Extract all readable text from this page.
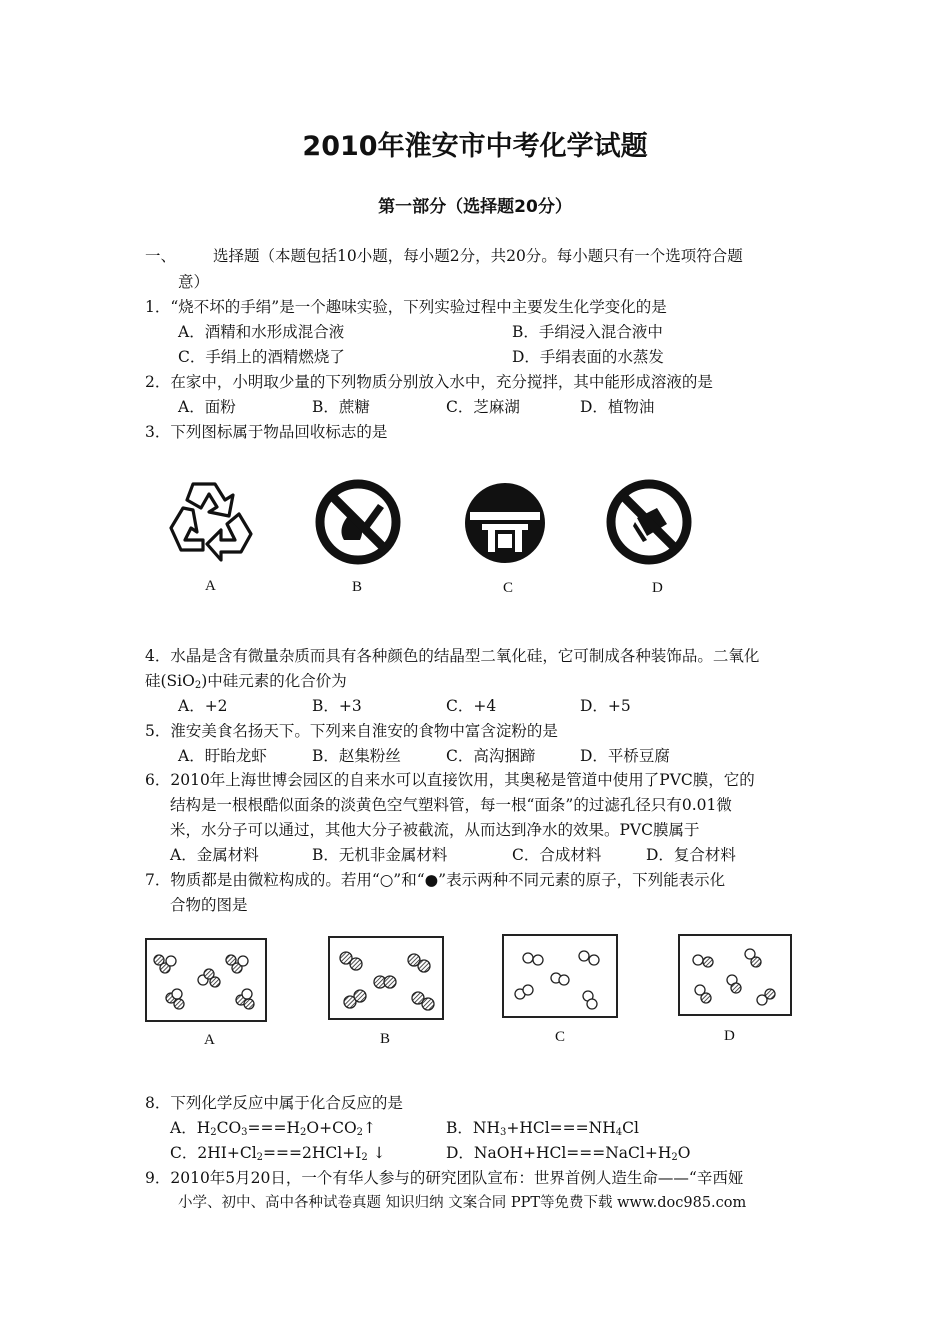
2010年淮安市中考化学试题
第一部分（选择题20分）
一、 选择题（本题包括10小题，每小题2分，共20分。每小题只有一个选项符合题
意）
1．“烧不坏的手绢”是一个趣味实验，下列实验过程中主要发生化学变化的是
A．酒精和水形成混合液	B．手绢浸入混合液中
C．手绢上的酒精燃烧了	D．手绢表面的水蒸发
2．在家中，小明取少量的下列物质分别放入水中，充分搅拌，其中能形成溶液的是
A．面粉	B．蔗糖	C．芝麻湖	D．植物油
3．下列图标属于物品回收标志的是
A	B	C	D
4．水晶是含有微量杂质而具有各种颜色的结晶型二氧化硅，它可制成各种装饰品。二氧化
硅(SiO$_2$)中硅元素的化合价为
A．+2	B．+3	C．+4	D．+5
5．淮安美食名扬天下。下列来自淮安的食物中富含淀粉的是
A．盱眙龙虾	B．赵集粉丝	C．高沟捆蹄	D．平桥豆腐
6．2010年上海世博会园区的自来水可以直接饮用，其奥秘是管道中使用了PVC膜，它的
结构是一根根酷似面条的淡黄色空气塑料管，每一根“面条”的过滤孔径只有0.01微
米，水分子可以通过，其他大分子被截流，从而达到净水的效果。PVC膜属于
A．金属材料	B．无机非金属材料	C．合成材料	D．复合材料
7．物质都是由微粒构成的。若用“○”和“●”表示两种不同元素的原子，下列能表示化
合物的图是
A	B	C	D
8．下列化学反应中属于化合反应的是
A．$H_2CO_3===H_2O+CO_2↑$	B．$NH_3+HCl===NH_4Cl$
C．$2HI+Cl_2===2HCl+I_2$ ↓	D．$NaOH+HCl===NaCl+H_2O$
9．2010年5月20日，一个有华人参与的研究团队宣布：世界首例人造生命——“辛西娅
小学、初中、高中各种试卷真题 知识归纳 文案合同 PPT等免费下载 www.doc985.com
